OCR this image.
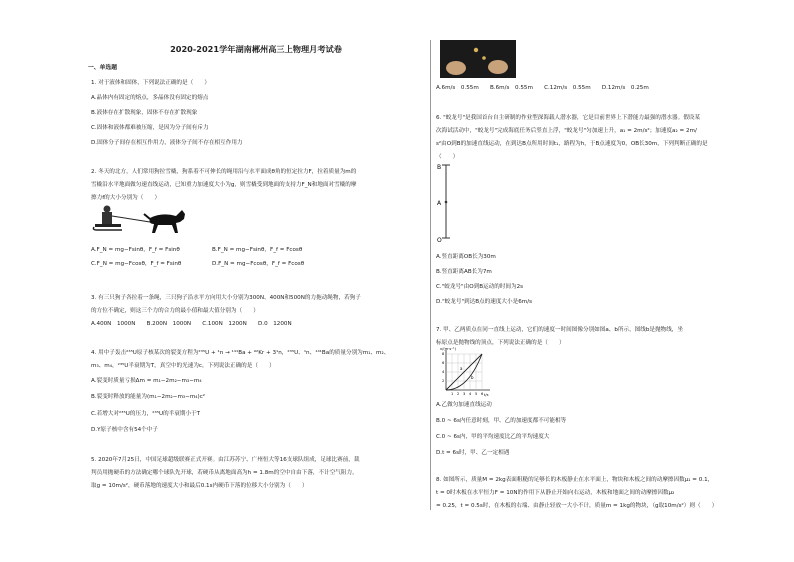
2020-2021学年湖南郴州高三上物理月考试卷
一、单选题
1. 对于液体和固体，下列说法正确的是（　　）
A.晶体内有固定的熔点，多晶体没有固定的熔点
B.液体存在扩散现象，固体不存在扩散现象
C.固体和液体都难被压缩，是因为分子间有斥力
D.固体分子间存在相互作用力，液体分子间不存在相互作用力
2. 冬天的北方，人们常用狗拉雪橇，狗系着不可伸长的绳用沿与水平面成θ角的恒定拉力F，拉着质量为m的
雪橇沿水平地面做匀速直线运动，已知重力加速度大小为g，则雪橇受到地面的支持力F_N和地面对雪橇的摩
擦力f的大小分别为（　　）
A.F_N = mg−Fsinθ，F_f = Fsinθ	B.F_N = mg−Fsinθ，F_f = Fcosθ
C.F_N = mg−Fcosθ，F_f = Fsinθ	D.F_N = mg−Fcosθ，F_f = Fcosθ
3. 有三只狗子各拉着一条绳，三只狗子沿水平方向用大小分别为300N、400N和500N的力拖动绳物，若狗子
的方位不确定，则这三个力的合力的最小值和最大值分别为（　　）
A.400N　1000N　　B.200N　1000N　　C.100N　1200N　　D.0　1200N
4. 用中子轰击²³⁵U原子核某次的裂变方程为²³⁵U + ¹n → ¹⁴¹Ba + ⁹²Kr + 3¹n，²³⁵U、¹n、¹⁴¹Ba的质量分别为m₁、m₂、
m₃、m₄，²³⁵U半衰期为T，真空中的光速为c，下列说法正确的是（　　）
A.裂变时质量亏损Δm = m₁−2m₂−m₃−m₄
B.裂变时释放的能量为(m₁−2m₂−m₃−m₄)c²
C.若增大对²³⁵U的压力，²³⁵U的半衰期小于T
D.Y原子核中含有54个中子
5. 2020年7月25日，中国足球超级联赛正式开赛。由江苏苏宁、广州恒大等16支球队组成，足球比赛前，裁
判员用抛硬币的方法确定哪个球队先开球，若硬币从离地面高为h = 1.8m的空中自由下落，不计空气阻力，
取g = 10m/s²，硬币落地的速度大小和最后0.1s内硬币下落的位移大小分别为（　　）
A.6m/s　0.55m　　B.6m/s　0.55m　　C.12m/s　0.55m　　D.12m/s　0.25m
6. "蛟龙号"是我国首台自主研制的作业型深海载人潜水器，它是目前世界上下潜能力最强的潜水器。假设某
次海试活动中，"蛟龙号"完成海底任务后竖直上浮，"蛟龙号"匀加速上升，a₁ = 2m/s²；加速度a₂ = 2m/
s²由O到B的加速直线运动，在到达B点所用时间t₁，路程为h，于B点速度为0，OB长30m，下列判断正确的是
（　　）
B
A
O
A.竖直距离OB长为30m
B.竖直距离AB长为7m
C."蛟龙号"由O到B运动的时间为2s
D."蛟龙号"到达B点的速度大小是6m/s
7. 甲、乙两质点在同一直线上运动，它们的速度一时间图像分别如图a、b所示，图线b是抛物线，坐
标原点是抛物线的顶点，下列说法正确的是（　　）
v/(m·s⁻¹)
t/s
a
b
1 2 3 4 5 6
2
4
6
8
A.乙做匀加速直线运动
B.0 ~ 6s内任意时刻，甲、乙的加速度都不可能相等
C.0 ~ 6s内，甲的平均速度比乙的平均速度大
D.t = 6s时，甲、乙一定相遇
8. 如图所示，质量M = 2kg表面粗糙的足够长的木板静止在水平面上，物块和木板之间的动摩擦因数μ₁ = 0.1，
t = 0时木板在水平恒力F = 10N的作用下从静止开始向右运动，木板和地面之间的动摩擦因数μ₂
= 0.25，t = 0.5s时，在木板的右端、由静止轻放一大小不计，质量m = 1kg的物块，（g取10m/s²）则（　　）
